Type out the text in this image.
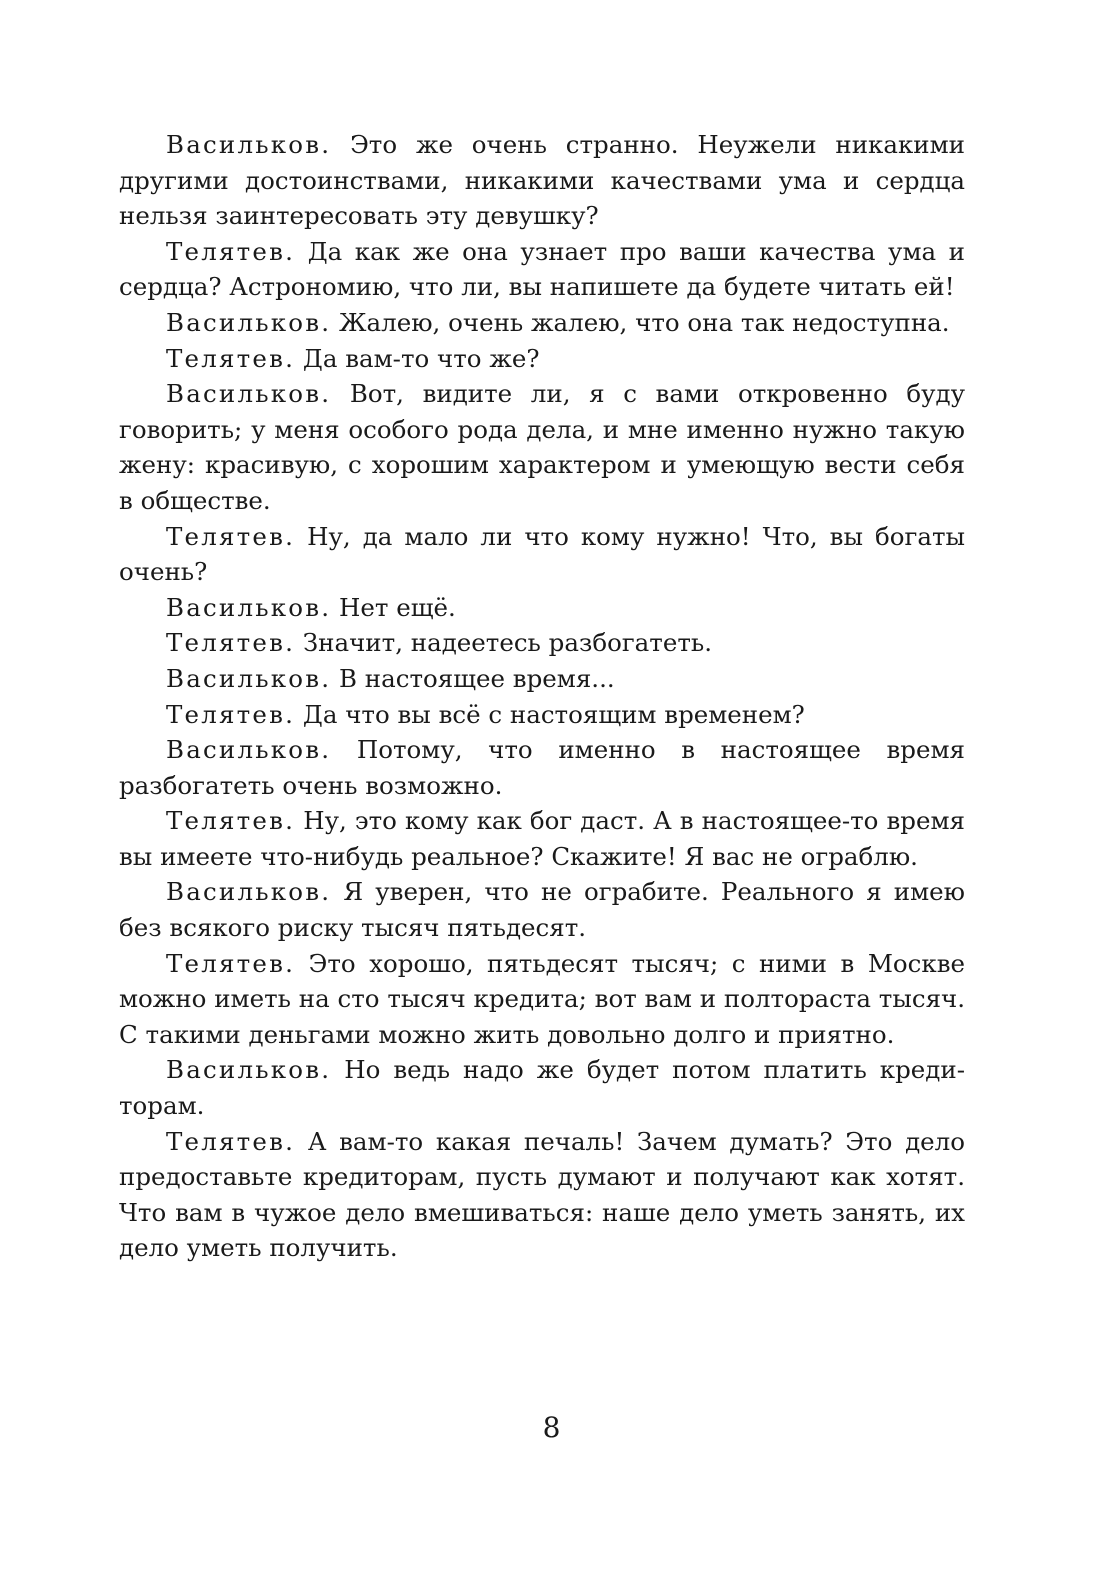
Васильков. Это же очень странно. Неужели никакими другими достоинствами, никакими качествами ума и сердца нельзя заинтересовать эту девушку?

Телятев. Да как же она узнает про ваши качества ума и сердца? Астрономию, что ли, вы напишете да будете читать ей!

Васильков. Жалею, очень жалею, что она так недоступна.

Телятев. Да вам-то что же?

Васильков. Вот, видите ли, я с вами откровенно буду говорить; у меня особого рода дела, и мне именно нужно такую жену: красивую, с хорошим характером и умеющую вести себя в обществе.

Телятев. Ну, да мало ли что кому нужно! Что, вы богаты очень?

Васильков. Нет ещё.

Телятев. Значит, надеетесь разбогатеть.

Васильков. В настоящее время...

Телятев. Да что вы всё с настоящим временем?

Васильков. Потому, что именно в настоящее время разбогатеть очень возможно.

Телятев. Ну, это кому как бог даст. А в настоящее-то время вы имеете что-нибудь реальное? Скажите! Я вас не ограблю.

Васильков. Я уверен, что не ограбите. Реального я имею без всякого риску тысяч пятьдесят.

Телятев. Это хорошо, пятьдесят тысяч; с ними в Москве можно иметь на сто тысяч кредита; вот вам и полтораста тысяч. С такими деньгами можно жить довольно долго и приятно.

Васильков. Но ведь надо же будет потом платить кредиторам.

Телятев. А вам-то какая печаль! Зачем думать? Это дело предоставьте кредиторам, пусть думают и получают как хотят. Что вам в чужое дело вмешиваться: наше дело уметь занять, их дело уметь получить.

8
